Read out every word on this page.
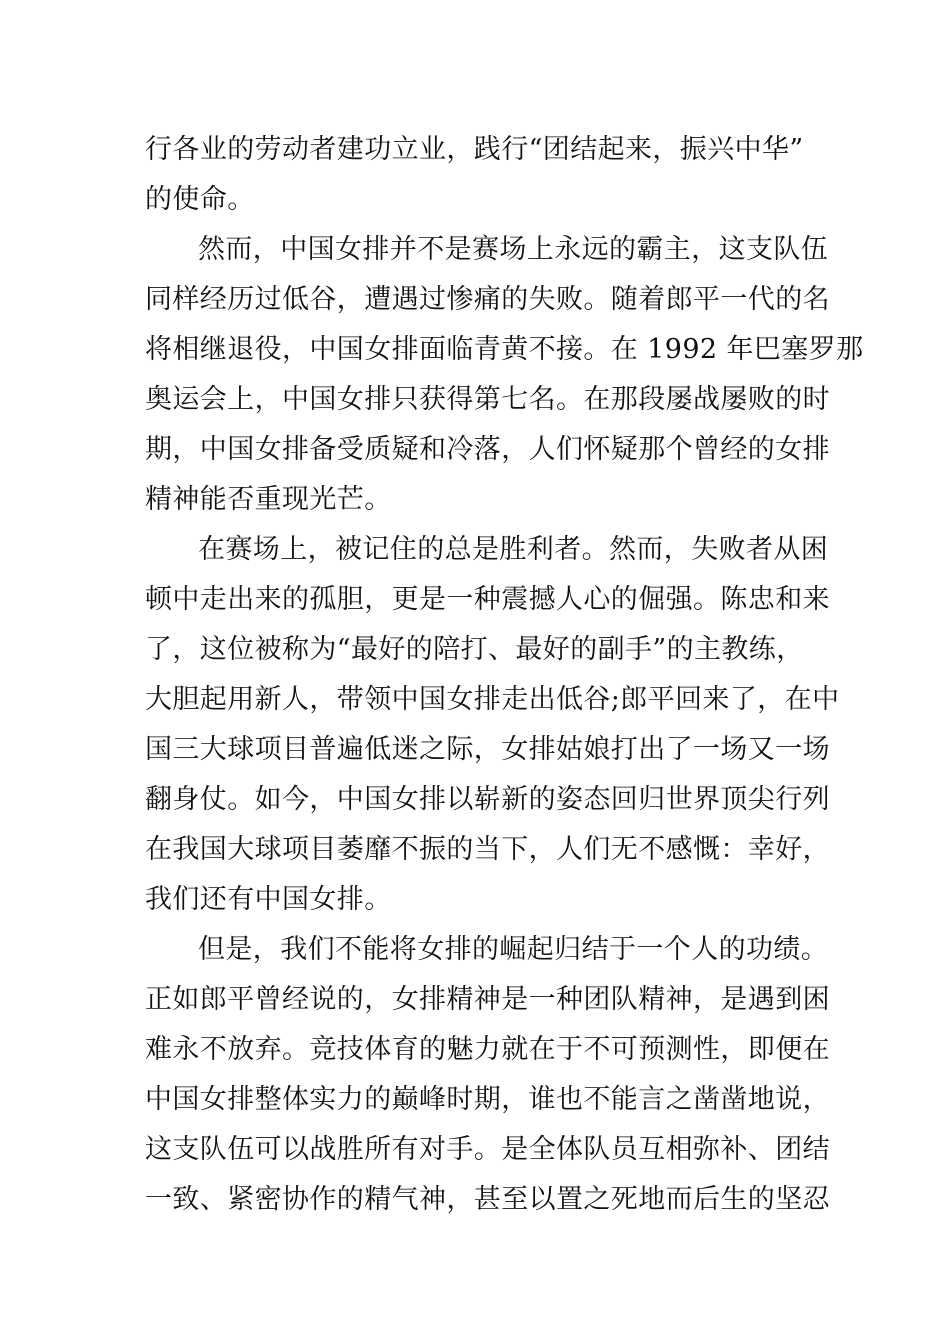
行各业的劳动者建功立业，践行“团结起来，振兴中华”
的使命。
然而，中国女排并不是赛场上永远的霸主，这支队伍
同样经历过低谷，遭遇过惨痛的失败。随着郎平一代的名
将相继退役，中国女排面临青黄不接。在 1992 年巴塞罗那
奥运会上，中国女排只获得第七名。在那段屡战屡败的时
期，中国女排备受质疑和冷落，人们怀疑那个曾经的女排
精神能否重现光芒。
在赛场上，被记住的总是胜利者。然而，失败者从困
顿中走出来的孤胆，更是一种震撼人心的倔强。陈忠和来
了，这位被称为“最好的陪打、最好的副手”的主教练，
大胆起用新人，带领中国女排走出低谷;郎平回来了，在中
国三大球项目普遍低迷之际，女排姑娘打出了一场又一场
翻身仗。如今，中国女排以崭新的姿态回归世界顶尖行列
在我国大球项目萎靡不振的当下，人们无不感慨：幸好，
我们还有中国女排。
但是，我们不能将女排的崛起归结于一个人的功绩。
正如郎平曾经说的，女排精神是一种团队精神，是遇到困
难永不放弃。竞技体育的魅力就在于不可预测性，即便在
中国女排整体实力的巅峰时期，谁也不能言之凿凿地说，
这支队伍可以战胜所有对手。是全体队员互相弥补、团结
一致、紧密协作的精气神，甚至以置之死地而后生的坚忍
